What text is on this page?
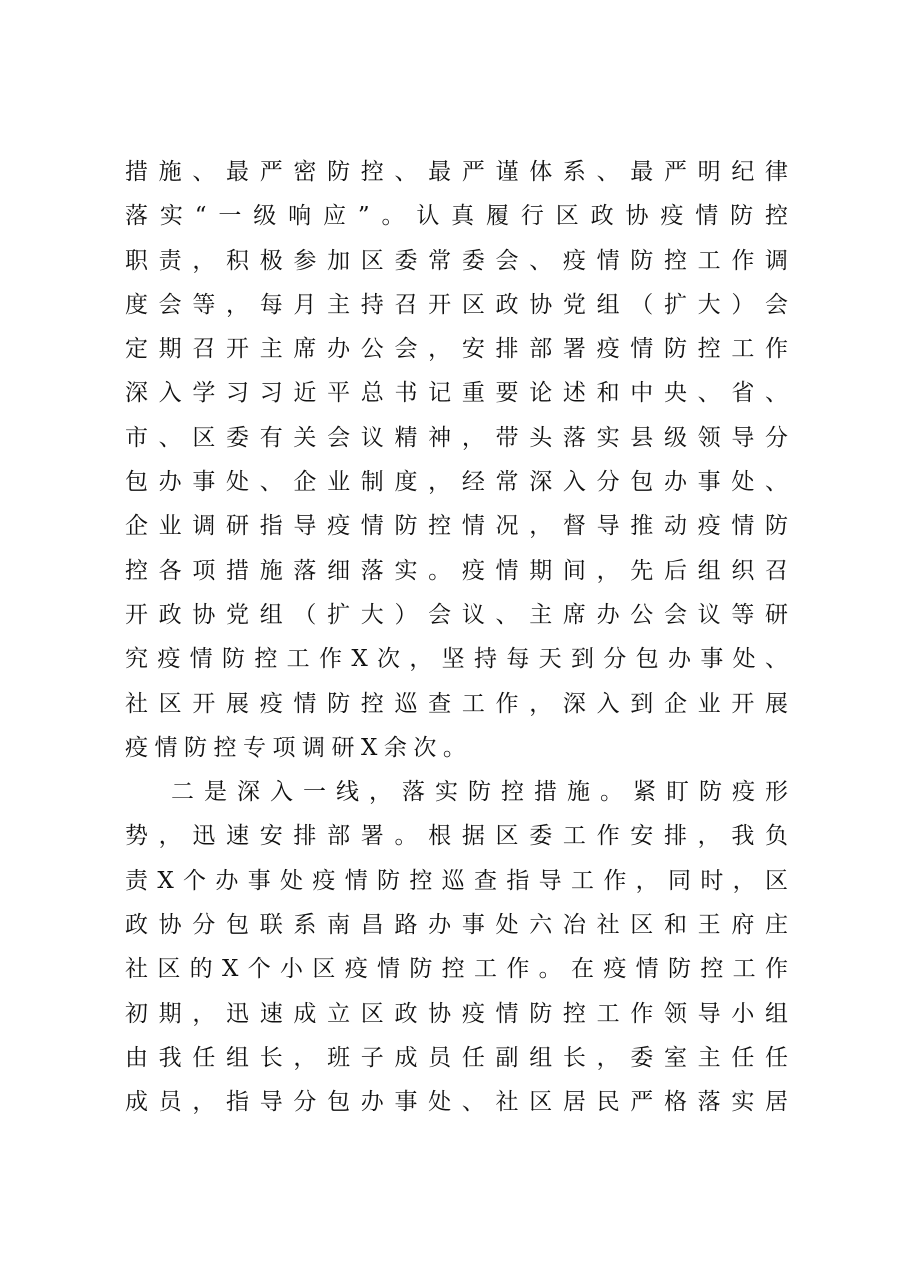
措施、最严密防控、最严谨体系、最严明纪律
落实“一级响应”。认真履行区政协疫情防控
职责，积极参加区委常委会、疫情防控工作调
度会等，每月主持召开区政协党组（扩大）会
定期召开主席办公会，安排部署疫情防控工作
深入学习习近平总书记重要论述和中央、省、
市、区委有关会议精神，带头落实县级领导分
包办事处、企业制度，经常深入分包办事处、
企业调研指导疫情防控情况，督导推动疫情防
控各项措施落细落实。疫情期间，先后组织召
开政协党组（扩大）会议、主席办公会议等研
究疫情防控工作X次，坚持每天到分包办事处、
社区开展疫情防控巡查工作，深入到企业开展
疫情防控专项调研X余次。
二是深入一线，落实防控措施。紧盯防疫形
势，迅速安排部署。根据区委工作安排，我负
责X个办事处疫情防控巡查指导工作，同时，区
政协分包联系南昌路办事处六冶社区和王府庄
社区的X个小区疫情防控工作。在疫情防控工作
初期，迅速成立区政协疫情防控工作领导小组
由我任组长，班子成员任副组长，委室主任任
成员，指导分包办事处、社区居民严格落实居
